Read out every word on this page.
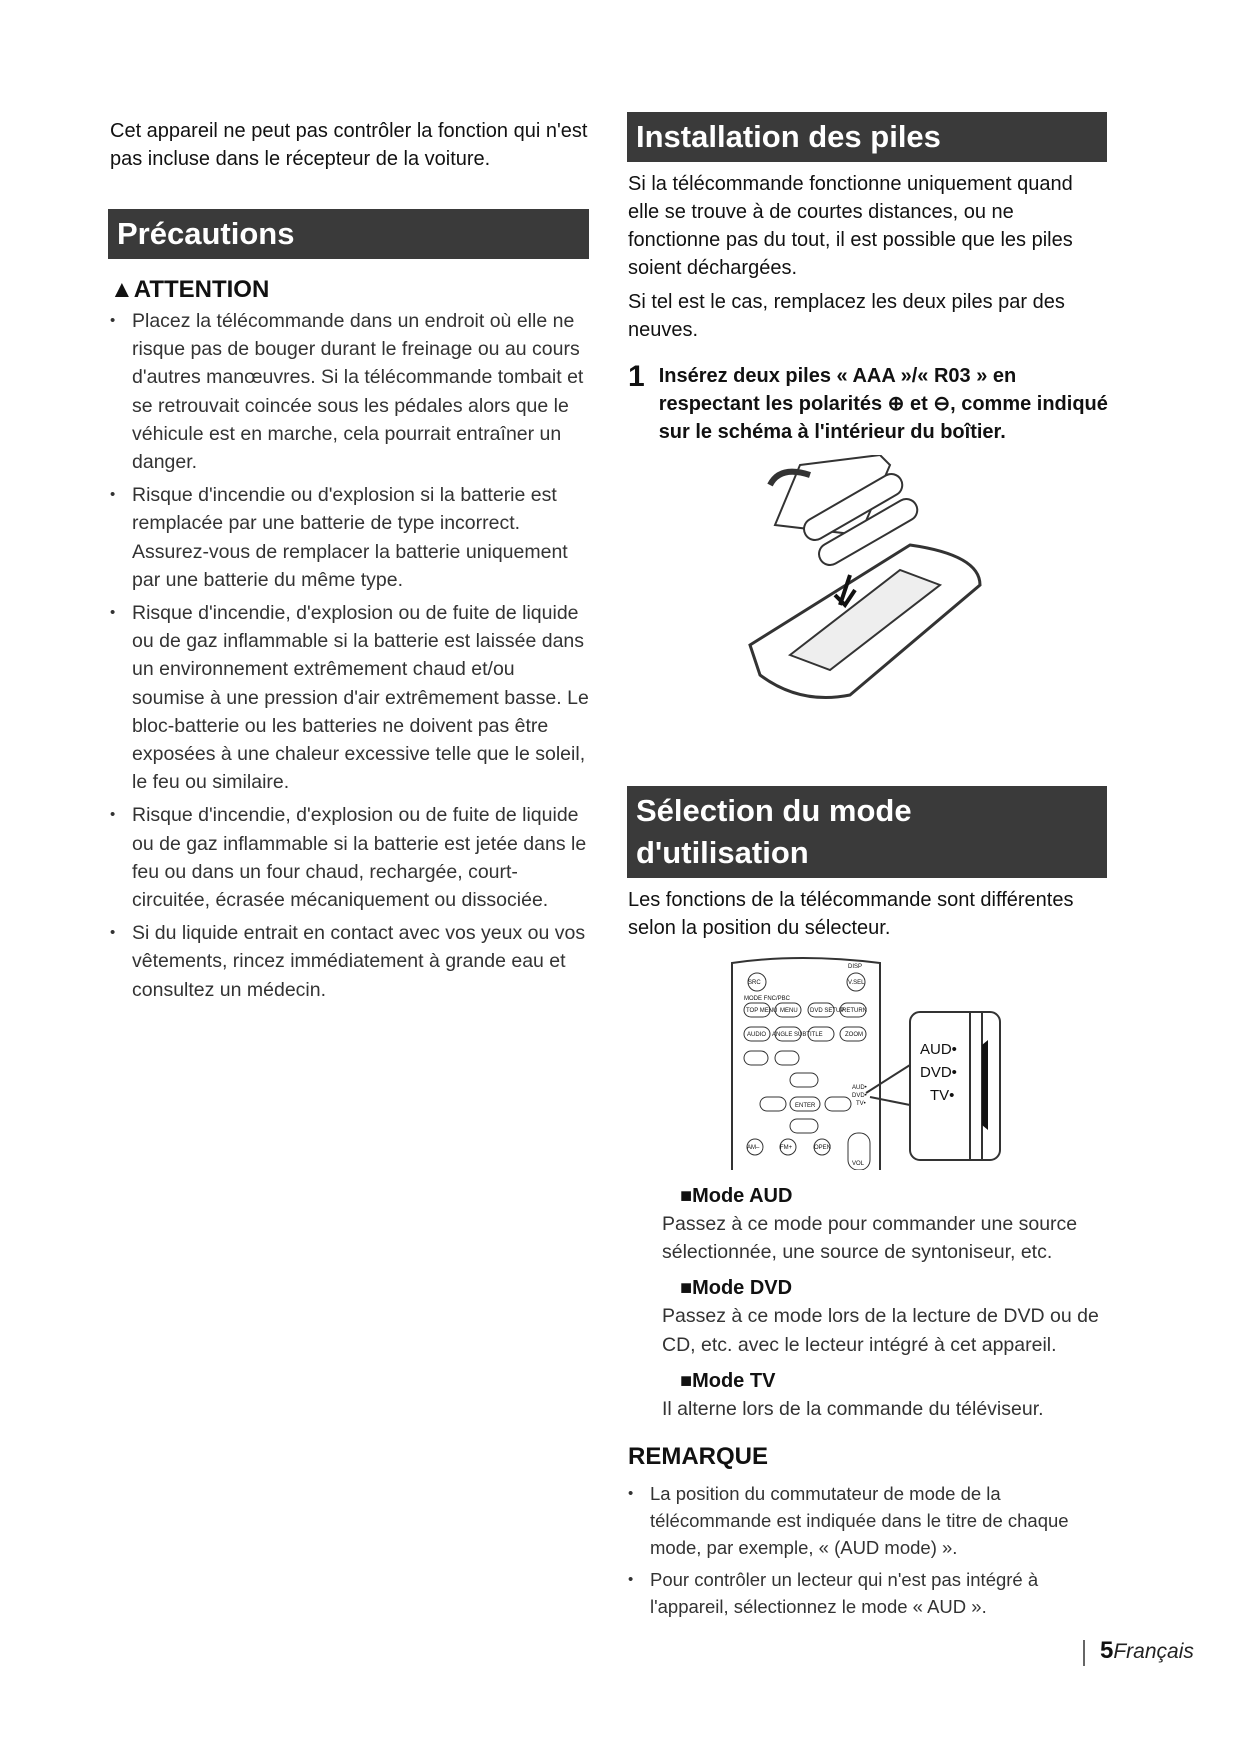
Cet appareil ne peut pas contrôler la fonction qui n'est pas incluse dans le récepteur de la voiture.
Précautions
▲ATTENTION
• Placez la télécommande dans un endroit où elle ne risque pas de bouger durant le freinage ou au cours d'autres manœuvres. Si la télécommande tombait et se retrouvait coincée sous les pédales alors que le véhicule est en marche, cela pourrait entraîner un danger.
• Risque d'incendie ou d'explosion si la batterie est remplacée par une batterie de type incorrect. Assurez-vous de remplacer la batterie uniquement par une batterie du même type.
• Risque d'incendie, d'explosion ou de fuite de liquide ou de gaz inflammable si la batterie est laissée dans un environnement extrêmement chaud et/ou soumise à une pression d'air extrêmement basse. Le bloc-batterie ou les batteries ne doivent pas être exposées à une chaleur excessive telle que le soleil, le feu ou similaire.
• Risque d'incendie, d'explosion ou de fuite de liquide ou de gaz inflammable si la batterie est jetée dans le feu ou dans un four chaud, rechargée, court-circuitée, écrasée mécaniquement ou dissociée.
• Si du liquide entrait en contact avec vos yeux ou vos vêtements, rincez immédiatement à grande eau et consultez un médecin.
Installation des piles
Si la télécommande fonctionne uniquement quand elle se trouve à de courtes distances, ou ne fonctionne pas du tout, il est possible que les piles soient déchargées.
Si tel est le cas, remplacez les deux piles par des neuves.
1 Insérez deux piles « AAA »/« R03 » en respectant les polarités ⊕ et ⊖, comme indiqué sur le schéma à l'intérieur du boîtier.
Sélection du mode
d'utilisation
Les fonctions de la télécommande sont différentes selon la position du sélecteur.
SRC	V.SEL
DISP
MODE FNC/PBC
TOP MENU MENU DVD SETUP
RETURN
AUDIO ANGLE SUBTITLE	ZOOM
ENTER
AM–	FM+	OPEN
VOL
AUD•
DVD•
TV•
AUD•
DVD•
TV•
■Mode AUD
Passez à ce mode pour commander une source sélectionnée, une source de syntoniseur, etc.
■Mode DVD
Passez à ce mode lors de la lecture de DVD ou de CD, etc. avec le lecteur intégré à cet appareil.
■Mode TV
Il alterne lors de la commande du téléviseur.
REMARQUE
• La position du commutateur de mode de la télécommande est indiquée dans le titre de chaque mode, par exemple, « (AUD mode) ».
• Pour contrôler un lecteur qui n'est pas intégré à l'appareil, sélectionnez le mode « AUD ».
5Français
